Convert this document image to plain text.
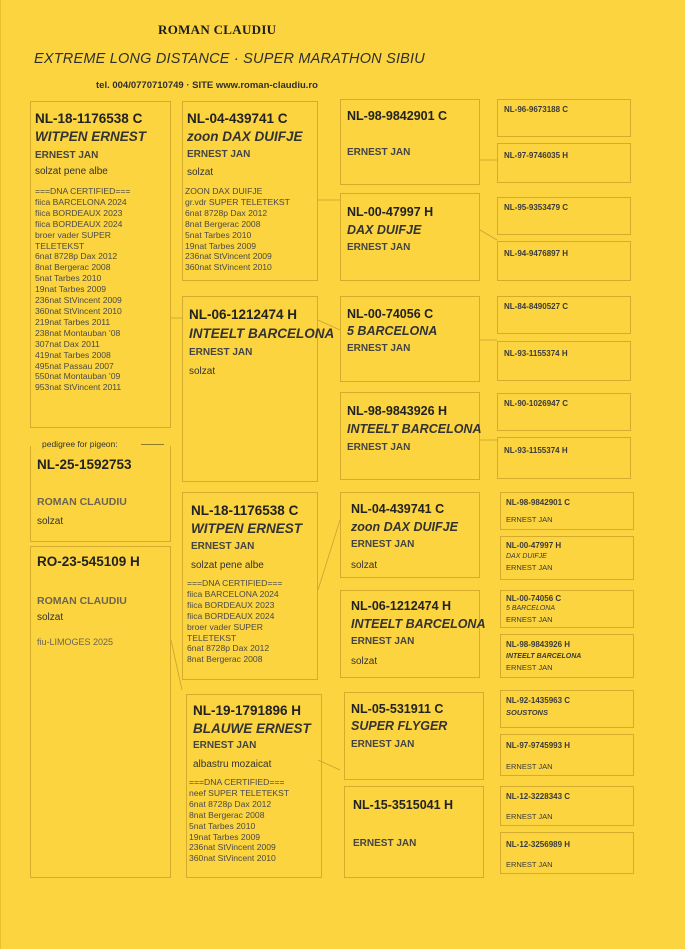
ROMAN CLAUDIU
EXTREME LONG DISTANCE · SUPER MARATHON SIBIU
tel. 004/0770710749 · SITE www.roman-claudiu.ro
NL-18-1176538 C
WITPEN ERNEST
ERNEST JAN
solzat pene albe
===DNA CERTIFIED===
fiica BARCELONA 2024
fiica BORDEAUX 2023
fiica BORDEAUX 2024
broer vader SUPER
TELETEKST
6nat 8728p Dax 2012
8nat Bergerac 2008
5nat Tarbes 2010
19nat Tarbes 2009
236nat StVincent 2009
360nat StVincent 2010
219nat Tarbes 2011
238nat Montauban '08
307nat Dax 2011
419nat Tarbes 2008
495nat Passau 2007
550nat Montauban '09
953nat StVincent 2011
pedigree for pigeon:
NL-25-1592753
ROMAN CLAUDIU
solzat
RO-23-545109 H
ROMAN CLAUDIU
solzat
fiu-LIMOGES 2025
NL-04-439741 C
zoon DAX DUIFJE
ERNEST JAN
solzat
ZOON DAX DUIFJE
gr.vdr SUPER TELETEKST
6nat 8728p Dax 2012
8nat Bergerac 2008
5nat Tarbes 2010
19nat Tarbes 2009
236nat StVincent 2009
360nat StVincent 2010
NL-06-1212474 H
INTEELT BARCELONA
ERNEST JAN
solzat
NL-18-1176538 C
WITPEN ERNEST
ERNEST JAN
solzat pene albe
===DNA CERTIFIED===
fiica BARCELONA 2024
fiica BORDEAUX 2023
fiica BORDEAUX 2024
broer vader SUPER
TELETEKST
6nat 8728p Dax 2012
8nat Bergerac 2008
NL-19-1791896 H
BLAUWE ERNEST
ERNEST JAN
albastru mozaicat
===DNA CERTIFIED===
neef SUPER TELETEKST
6nat 8728p Dax 2012
8nat Bergerac 2008
5nat Tarbes 2010
19nat Tarbes 2009
236nat StVincent 2009
360nat StVincent 2010
NL-98-9842901 C
ERNEST JAN
NL-00-47997 H
DAX DUIFJE
ERNEST JAN
NL-00-74056 C
5 BARCELONA
ERNEST JAN
NL-98-9843926 H
INTEELT BARCELONA
ERNEST JAN
NL-04-439741 C
zoon DAX DUIFJE
ERNEST JAN
solzat
NL-06-1212474 H
INTEELT BARCELONA
ERNEST JAN
solzat
NL-05-531911 C
SUPER FLYGER
ERNEST JAN
NL-15-3515041 H
ERNEST JAN
NL-96-9673188 C
NL-97-9746035 H
NL-95-9353479 C
NL-94-9476897 H
NL-84-8490527 C
NL-93-1155374 H
NL-90-1026947 C
NL-93-1155374 H
NL-98-9842901 C
ERNEST JAN
NL-00-47997 H
DAX DUIFJE
ERNEST JAN
NL-00-74056 C
5 BARCELONA
ERNEST JAN
NL-98-9843926 H
INTEELT BARCELONA
ERNEST JAN
NL-92-1435963 C
SOUSTONS
NL-97-9745993 H
ERNEST JAN
NL-12-3228343 C
ERNEST JAN
NL-12-3256989 H
ERNEST JAN
